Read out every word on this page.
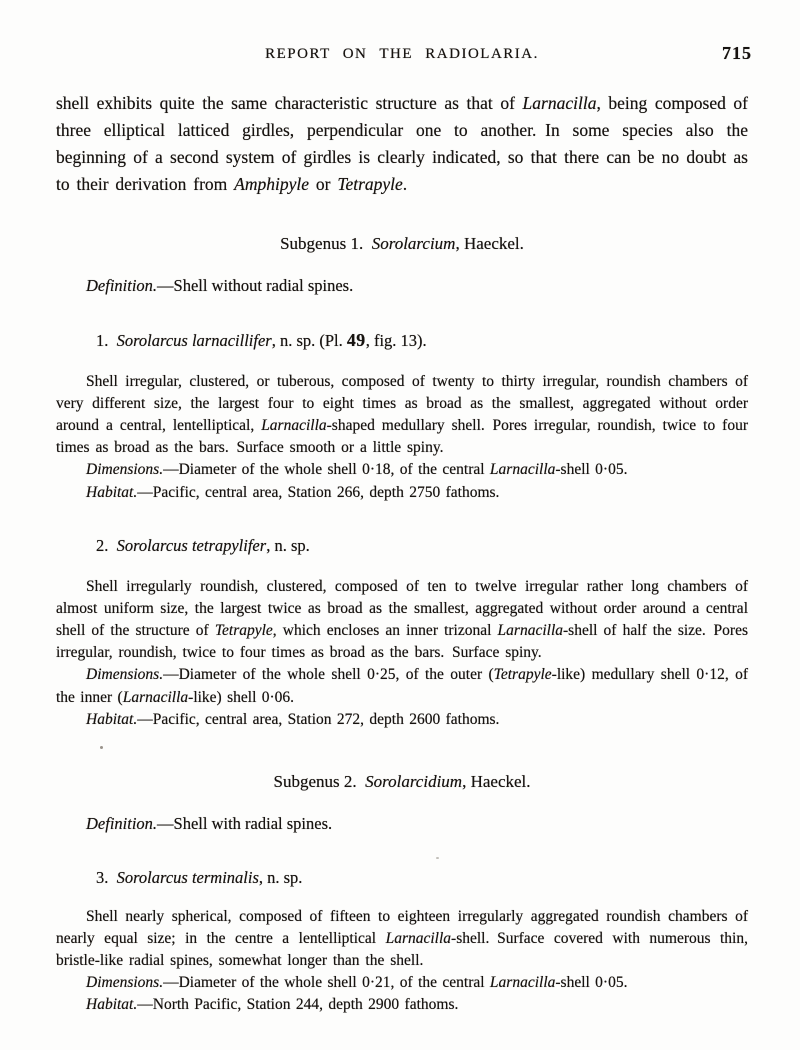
REPORT ON THE RADIOLARIA.	715

shell exhibits quite the same characteristic structure as that of Larnacilla, being composed of three elliptical latticed girdles, perpendicular one to another. In some species also the beginning of a second system of girdles is clearly indicated, so that there can be no doubt as to their derivation from Amphipyle or Tetrapyle.

Subgenus 1. Sorolarcium, Haeckel.

Definition.—Shell without radial spines.

1. Sorolarcus larnacillifer, n. sp. (Pl. 49, fig. 13).

Shell irregular, clustered, or tuberous, composed of twenty to thirty irregular, roundish chambers of very different size, the largest four to eight times as broad as the smallest, aggregated without order around a central, lentelliptical, Larnacilla-shaped medullary shell. Pores irregular, roundish, twice to four times as broad as the bars. Surface smooth or a little spiny.

Dimensions.—Diameter of the whole shell 0·18, of the central Larnacilla-shell 0·05.

Habitat.—Pacific, central area, Station 266, depth 2750 fathoms.

2. Sorolarcus tetrapylifer, n. sp.

Shell irregularly roundish, clustered, composed of ten to twelve irregular rather long chambers of almost uniform size, the largest twice as broad as the smallest, aggregated without order around a central shell of the structure of Tetrapyle, which encloses an inner trizonal Larnacilla-shell of half the size. Pores irregular, roundish, twice to four times as broad as the bars. Surface spiny.

Dimensions.—Diameter of the whole shell 0·25, of the outer (Tetrapyle-like) medullary shell 0·12, of the inner (Larnacilla-like) shell 0·06.

Habitat.—Pacific, central area, Station 272, depth 2600 fathoms.

Subgenus 2. Sorolarcidium, Haeckel.

Definition.—Shell with radial spines.

3. Sorolarcus terminalis, n. sp.

Shell nearly spherical, composed of fifteen to eighteen irregularly aggregated roundish chambers of nearly equal size; in the centre a lentelliptical Larnacilla-shell. Surface covered with numerous thin, bristle-like radial spines, somewhat longer than the shell.

Dimensions.—Diameter of the whole shell 0·21, of the central Larnacilla-shell 0·05.

Habitat.—North Pacific, Station 244, depth 2900 fathoms.
